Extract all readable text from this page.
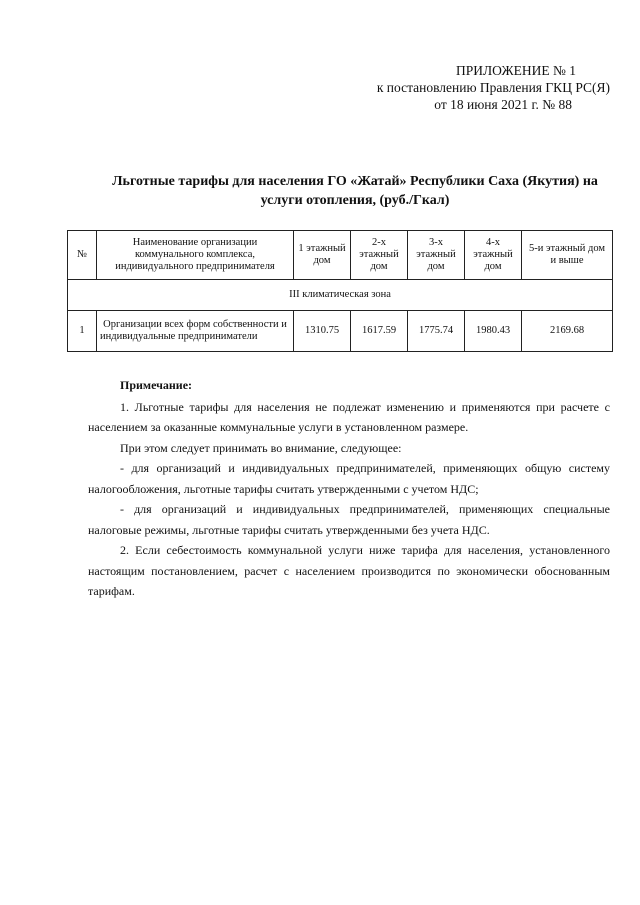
ПРИЛОЖЕНИЕ № 1
к постановлению Правления ГКЦ РС(Я)
от 18 июня 2021 г. № 88
Льготные тарифы для населения ГО «Жатай» Республики Саха (Якутия) на услуги отопления, (руб./Гкал)
№	Наименование организации коммунального комплекса, индивидуального предпринимателя	1 этажный дом	2-х этажный дом	3-х этажный дом	4-х этажный дом	5-и этажный дом и выше
III климатическая зона						
1	Организации всех форм собственности и индивидуальные предприниматели	1310.75	1617.59	1775.74	1980.43	2169.68

Примечание:

1. Льготные тарифы для населения не подлежат изменению и применяются при расчете с населением за оказанные коммунальные услуги в установленном размере.

При этом следует принимать во внимание, следующее:

- для организаций и индивидуальных предпринимателей, применяющих общую систему налогообложения, льготные тарифы считать утвержденными с учетом НДС;

- для организаций и индивидуальных предпринимателей, применяющих специальные налоговые режимы, льготные тарифы считать утвержденными без учета НДС.

2. Если себестоимость коммунальной услуги ниже тарифа для населения, установленного настоящим постановлением, расчет с населением производится по экономически обоснованным тарифам.
